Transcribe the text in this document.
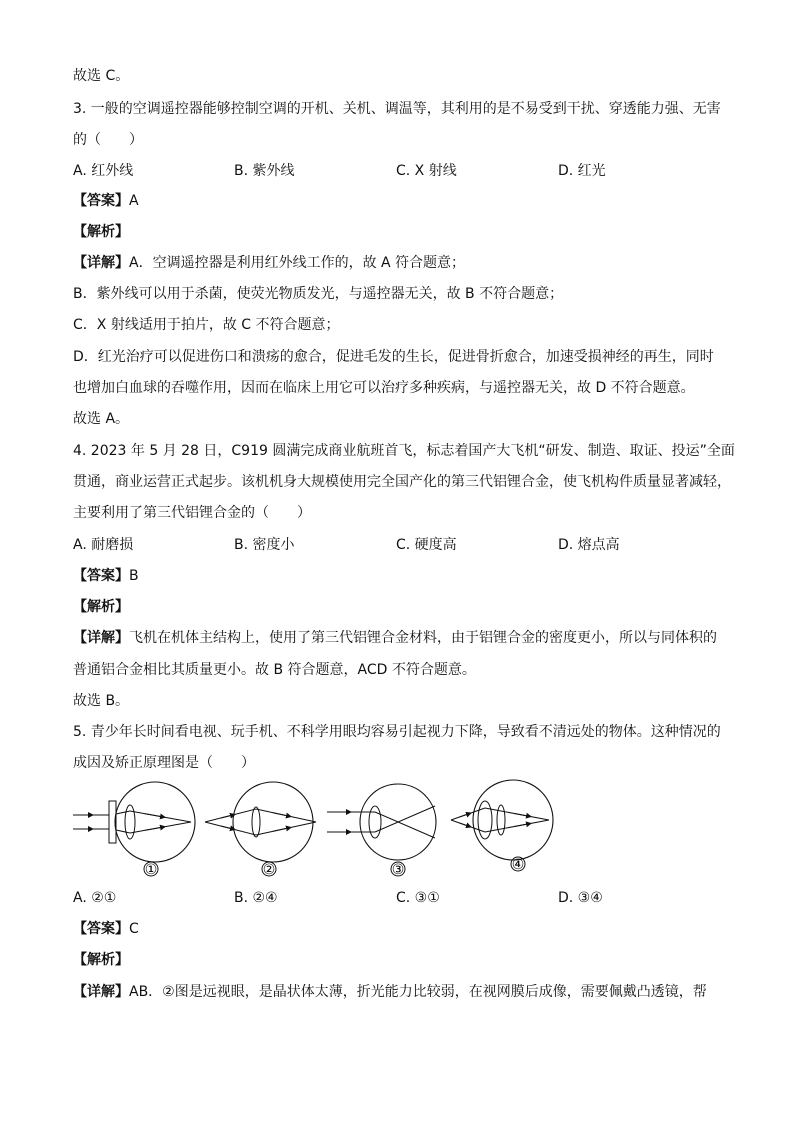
故选 C。
3. 一般的空调遥控器能够控制空调的开机、关机、调温等，其利用的是不易受到干扰、穿透能力强、无害
的（　　）
A. 红外线	B. 紫外线	C. X 射线	D. 红光
【答案】A
【解析】
【详解】A．空调遥控器是利用红外线工作的，故 A 符合题意；
B．紫外线可以用于杀菌，使荧光物质发光，与遥控器无关，故 B 不符合题意；
C．X 射线适用于拍片，故 C 不符合题意；
D．红光治疗可以促进伤口和溃疡的愈合，促进毛发的生长，促进骨折愈合，加速受损神经的再生，同时
也增加白血球的吞噬作用，因而在临床上用它可以治疗多种疾病，与遥控器无关，故 D 不符合题意。
故选 A。
4. 2023 年 5 月 28 日，C919 圆满完成商业航班首飞，标志着国产大飞机“研发、制造、取证、投运”全面
贯通，商业运营正式起步。该机机身大规模使用完全国产化的第三代铝锂合金，使飞机构件质量显著减轻，
主要利用了第三代铝锂合金的（　　）
A. 耐磨损	B. 密度小	C. 硬度高	D. 熔点高
【答案】B
【解析】
【详解】飞机在机体主结构上，使用了第三代铝锂合金材料，由于铝锂合金的密度更小，所以与同体积的
普通铝合金相比其质量更小。故 B 符合题意，ACD 不符合题意。
故选 B。
5. 青少年长时间看电视、玩手机、不科学用眼均容易引起视力下降，导致看不清远处的物体。这种情况的
成因及矫正原理图是（　　）
①	②	③	④
A. ②①	B. ②④	C. ③①	D. ③④
【答案】C
【解析】
【详解】AB．②图是远视眼，是晶状体太薄，折光能力比较弱，在视网膜后成像，需要佩戴凸透镜，帮
